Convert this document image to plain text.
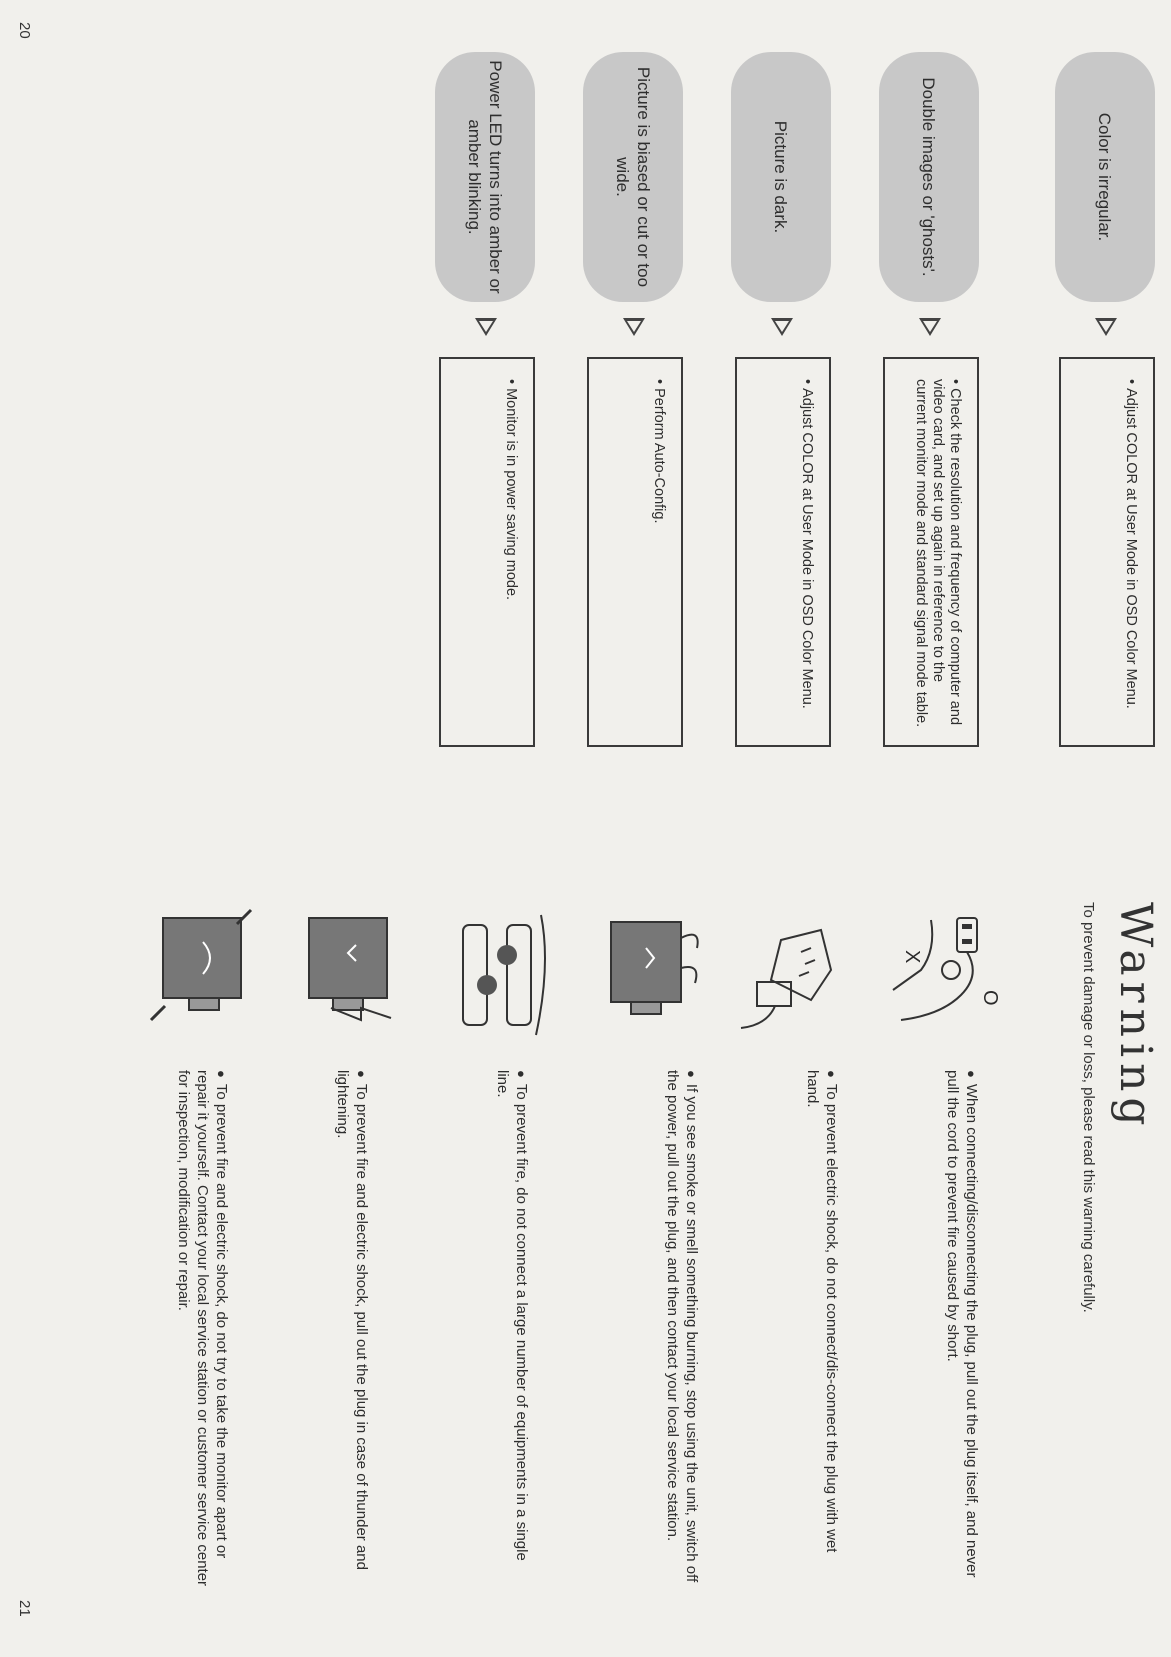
20
21
Color is irregular.
•Adjust COLOR at User Mode in OSD Color Menu.
Double images or 'ghosts'.
•Check the resolution and frequency of computer and video card, and set up again in reference to the current monitor mode and standard signal mode table.
Picture is dark.
•Adjust COLOR at User Mode in OSD Color Menu.
Picture is biased or cut or too wide.
•Perform Auto-Config.
Power LED turns into amber or amber blinking.
•Monitor is in power saving mode.
Warning
To prevent damage or loss, please read this warning carefully.
O
X
●When connecting/disconnecting the plug, pull out the plug itself, and never pull the cord to prevent fire caused by short.
●To prevent electric shock, do not connect/dis-connect the plug with wet hand.
●If you see smoke or smell something burning, stop using the unit, switch off the power, pull out the plug, and then contact your local service station.
●To prevent fire, do not connect a large number of equipments in a single line.
●To prevent fire and electric shock, pull out the plug in case of thunder and lightening.
●To prevent fire and electric shock, do not try to take the monitor apart or repair it yourself. Contact your local service station or customer service center for inspection, modification or repair.
